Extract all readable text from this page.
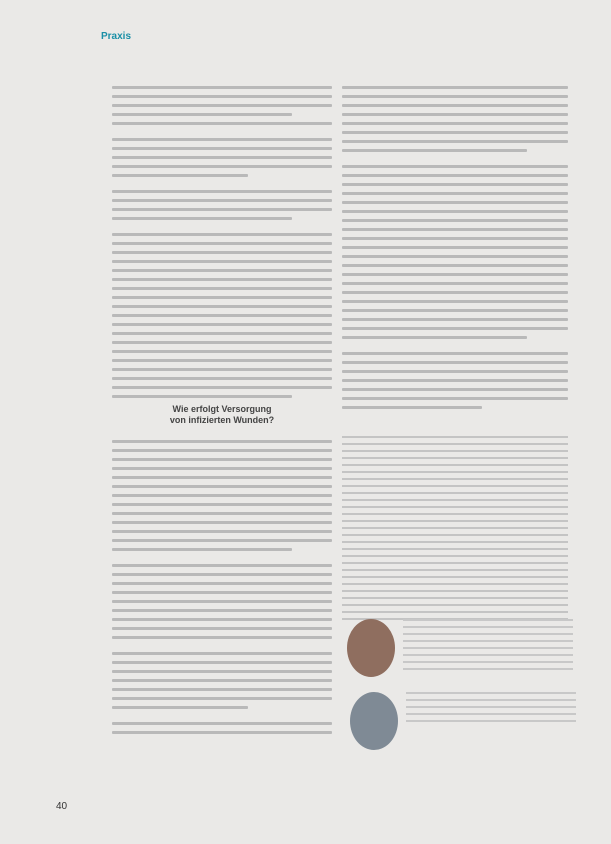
Praxis
Wie erfolgt Versorgung
von infizierten Wunden?
40
